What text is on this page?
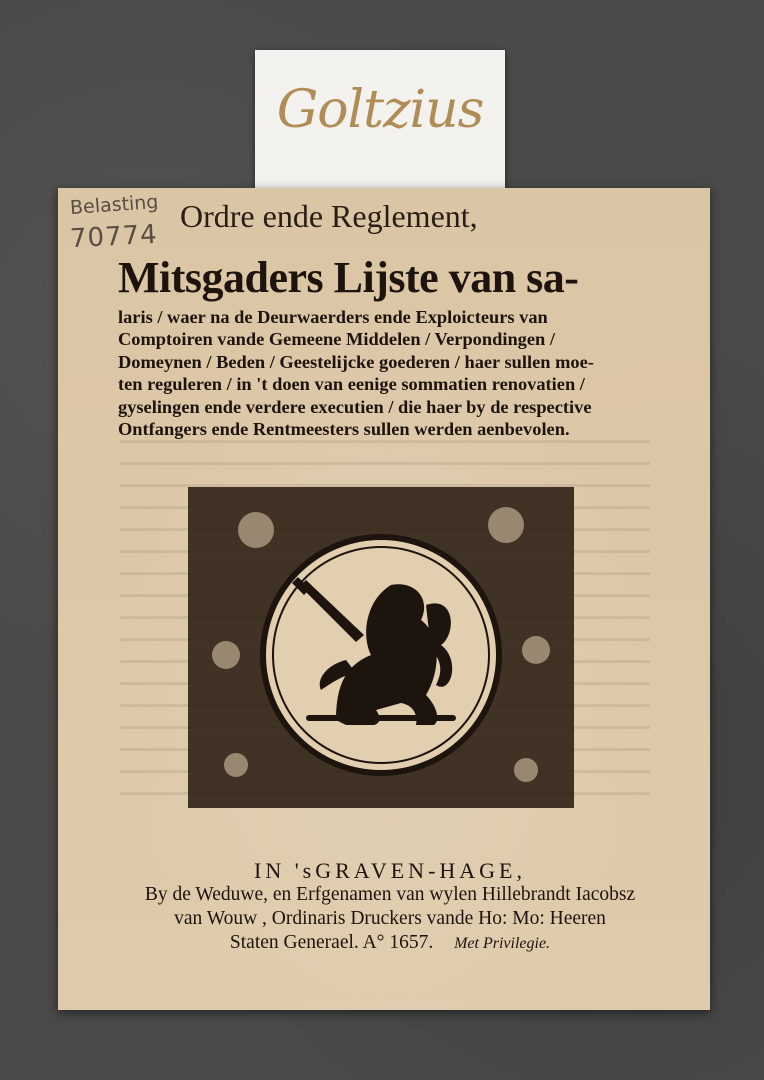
Goltzius
Belasting
70774
Ordre ende Reglement,
Mitsgaders Lijste van sa-
laris / waer na de Deurwaerders ende Exploicteurs van
Comptoiren vande Gemeene Middelen / Verpondingen /
Domeynen / Beden / Geestelijcke goederen / haer sullen moe-
ten reguleren / in 't doen van eenige sommatien renovatien /
gyselingen ende verdere executien / die haer by de respective
Ontfangers ende Rentmeesters sullen werden aenbevolen.
IN 'sGRAVEN-HAGE,
By de Weduwe, en Erfgenamen van wylen Hillebrandt Iacobsz
van Wouw , Ordinaris Druckers vande Ho: Mo: Heeren
Staten Generael. A° 1657. Met Privilegie.
